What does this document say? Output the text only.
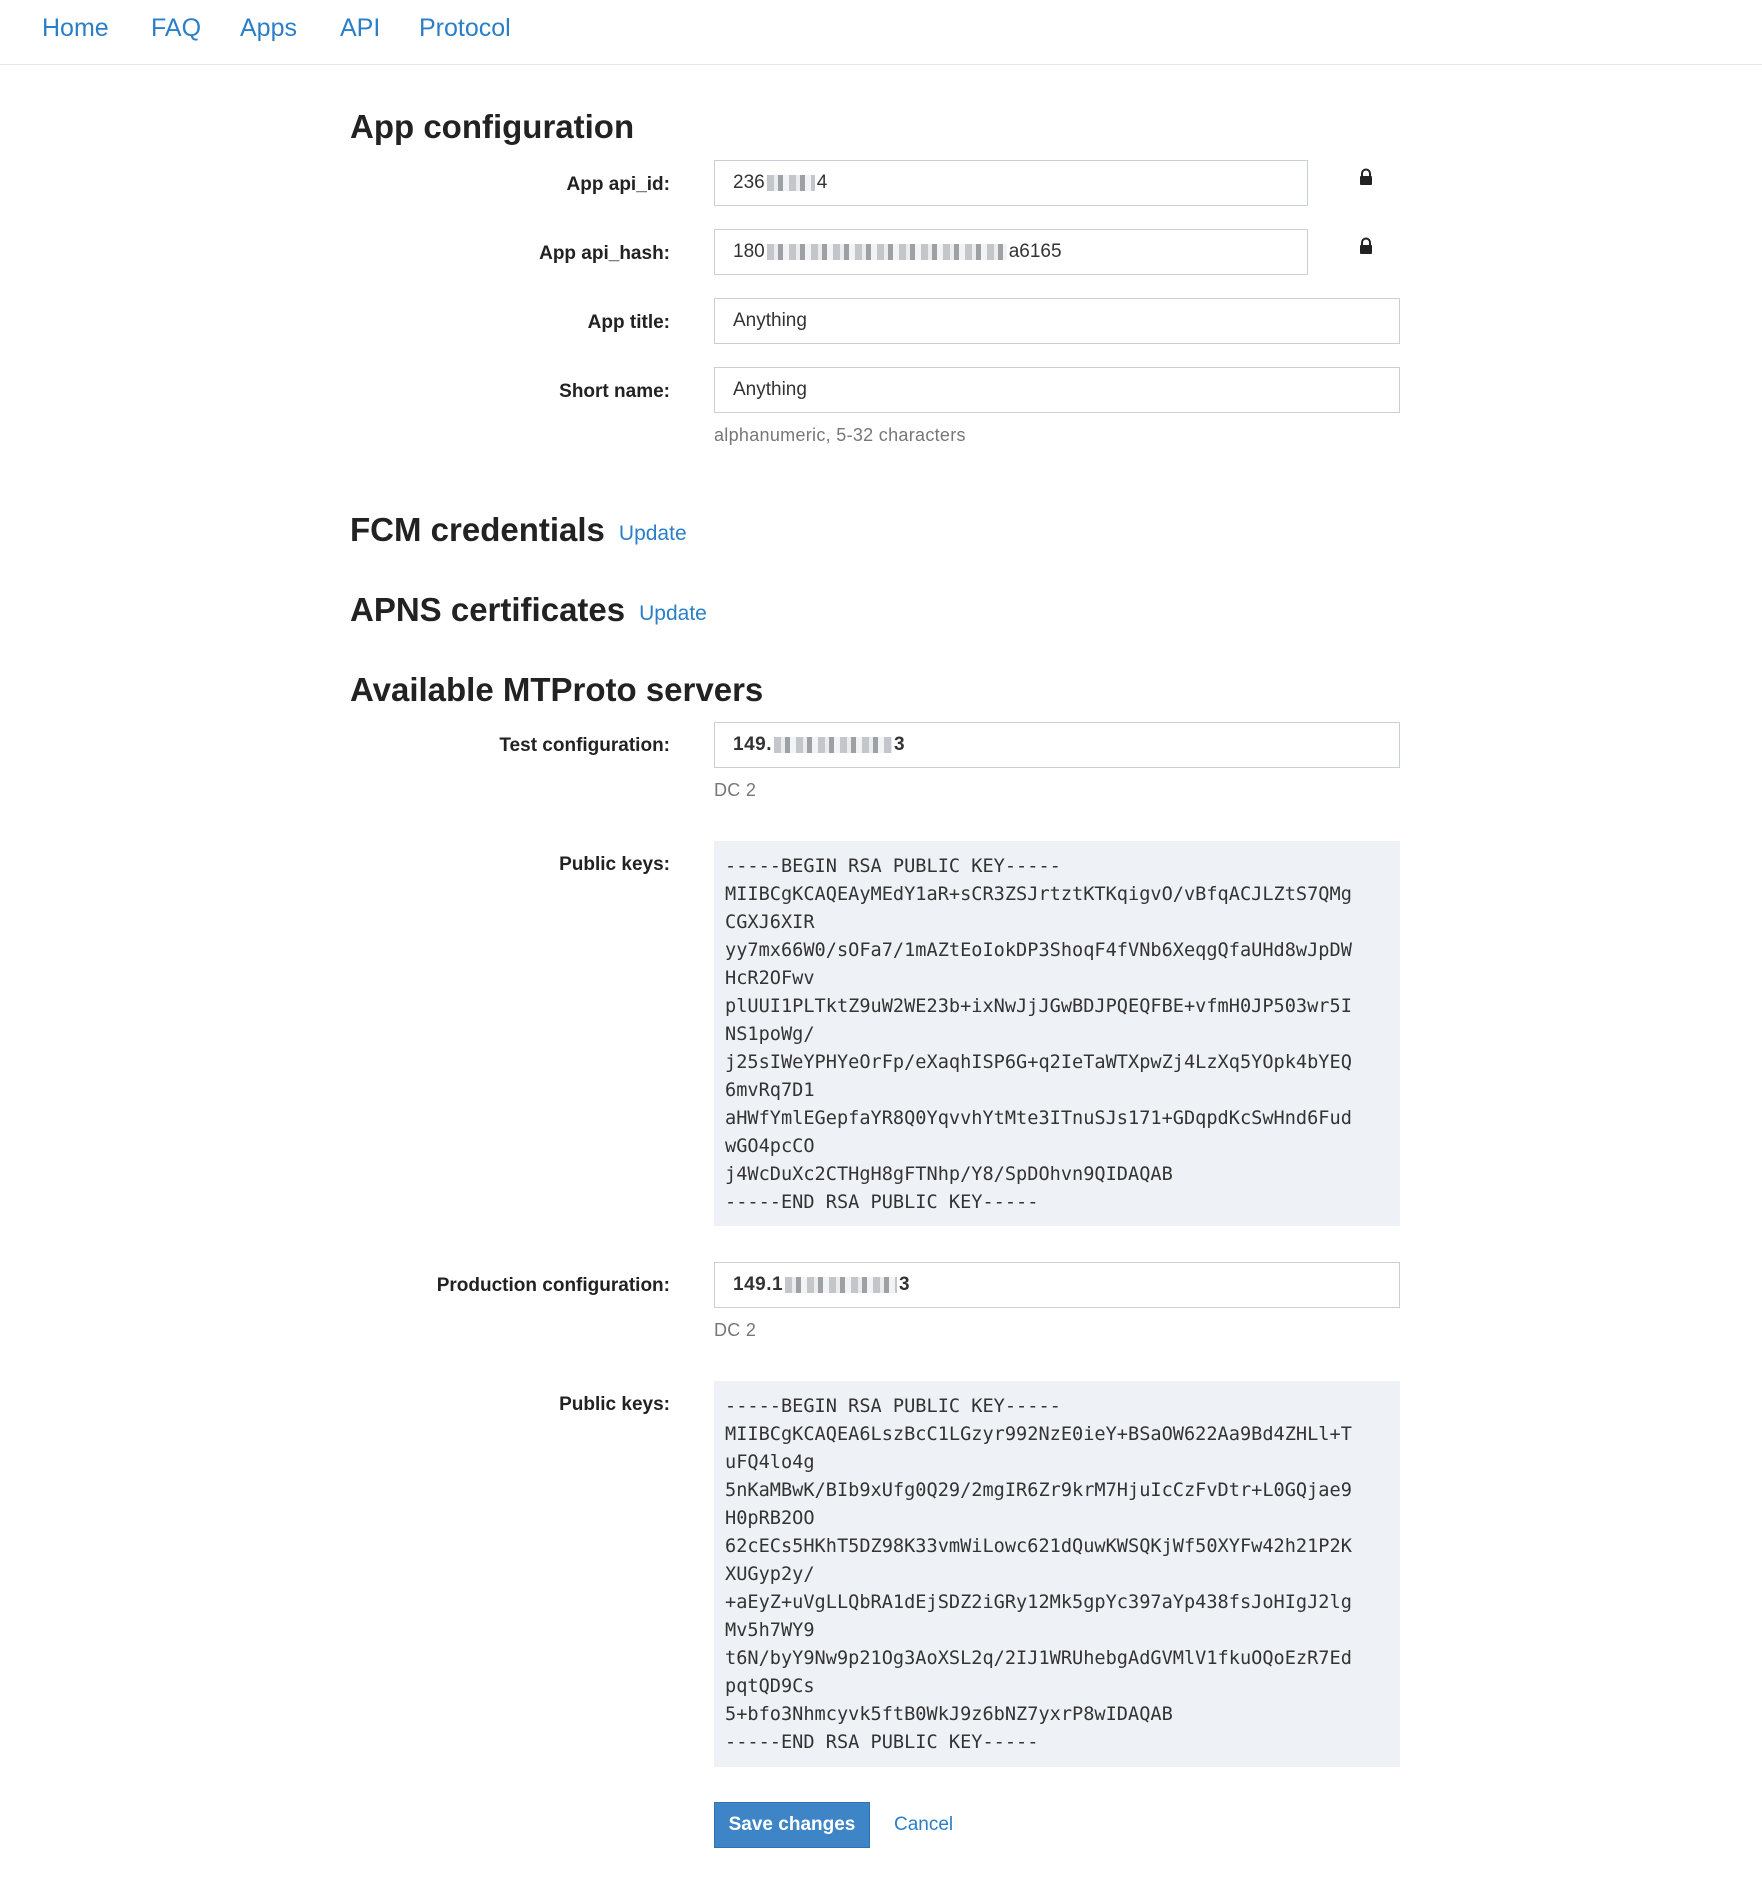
Home FAQ Apps API Protocol
App configuration
App api_id:	236	4
App api_hash:	180	a6165
App title:
Anything
Short name:
Anything
alphanumeric, 5-32 characters
FCM credentials Update
APNS certificates Update
Available MTProto servers
Test configuration:	149.	3
DC 2
Public keys:	-----BEGIN RSA PUBLIC KEY-----
MIIBCgKCAQEAyMEdY1aR+sCR3ZSJrtztKTKqigvO/vBfqACJLZtS7QMg
CGXJ6XIR
yy7mx66W0/sOFa7/1mAZtEoIokDP3ShoqF4fVNb6XeqgQfaUHd8wJpDW
HcR2OFwv
plUUI1PLTktZ9uW2WE23b+ixNwJjJGwBDJPQEQFBE+vfmH0JP503wr5I
NS1poWg/
j25sIWeYPHYeOrFp/eXaqhISP6G+q2IeTaWTXpwZj4LzXq5YOpk4bYEQ
6mvRq7D1
aHWfYmlEGepfaYR8Q0YqvvhYtMte3ITnuSJs171+GDqpdKcSwHnd6Fud
wGO4pcCO
j4WcDuXc2CTHgH8gFTNhp/Y8/SpDOhvn9QIDAQAB
-----END RSA PUBLIC KEY-----
Production configuration:	149.1	3
DC 2
Public keys:	-----BEGIN RSA PUBLIC KEY-----
MIIBCgKCAQEA6LszBcC1LGzyr992NzE0ieY+BSaOW622Aa9Bd4ZHLl+T
uFQ4lo4g
5nKaMBwK/BIb9xUfg0Q29/2mgIR6Zr9krM7HjuIcCzFvDtr+L0GQjae9
H0pRB2OO
62cECs5HKhT5DZ98K33vmWiLowc621dQuwKWSQKjWf50XYFw42h21P2K
XUGyp2y/
+aEyZ+uVgLLQbRA1dEjSDZ2iGRy12Mk5gpYc397aYp438fsJoHIgJ2lg
Mv5h7WY9
t6N/byY9Nw9p21Og3AoXSL2q/2IJ1WRUhebgAdGVMlV1fkuOQoEzR7Ed
pqtQD9Cs
5+bfo3Nhmcyvk5ftB0WkJ9z6bNZ7yxrP8wIDAQAB
-----END RSA PUBLIC KEY-----
Save changes	Cancel
